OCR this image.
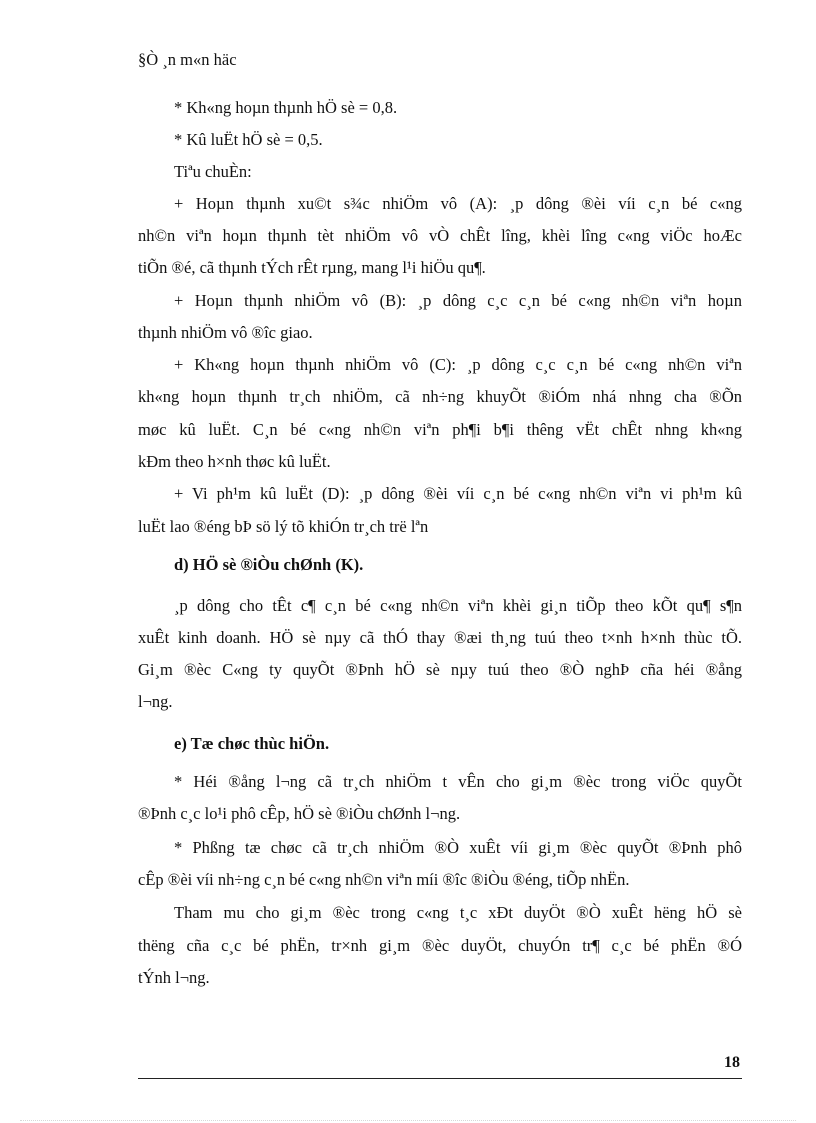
§Ò ¸n m«n häc
* Kh«ng hoµn thµnh hÖ sè = 0,8.
* Kû luËt hÖ sè = 0,5.
Tiªu chuÈn:
+ Hoµn thµnh xu©t s¾c nhiÖm vô (A): ¸p dông ®èi víi c¸n bé c«ng
nh©n viªn hoµn thµnh tèt nhiÖm vô vÒ chÊt lîng, khèi lîng c«ng viÖc hoÆc
tiÕn ®é, cã thµnh tÝch rÊt rµng, mang l¹i hiÖu qu¶.
+ Hoµn thµnh nhiÖm vô (B): ¸p dông c¸c c¸n bé c«ng nh©n viªn hoµn
thµnh nhiÖm vô ®îc giao.
+ Kh«ng hoµn thµnh nhiÖm vô (C): ¸p dông c¸c c¸n bé c«ng nh©n viªn
kh«ng hoµn thµnh tr¸ch nhiÖm, cã nh÷ng khuyÕt ®iÓm nhá nhng cha ®Õn
møc kû luËt. C¸n bé c«ng nh©n viªn ph¶i b¶i thêng vËt chÊt nhng kh«ng
kÐm theo h×nh thøc kû luËt.
+ Vi ph¹m kû luËt (D): ¸p dông ®èi víi c¸n bé c«ng nh©n viªn vi ph¹m kû
luËt lao ®éng bÞ sö lý tõ khiÓn tr¸ch trë lªn
d) HÖ sè ®iÒu chØnh (K).
¸p dông cho tÊt c¶ c¸n bé c«ng nh©n viªn khèi gi¸n tiÕp theo kÕt qu¶ s¶n
xuÊt kinh doanh. HÖ sè nµy cã thÓ thay ®æi th¸ng tuú theo t×nh h×nh thùc tÕ.
Gi¸m ®èc C«ng ty quyÕt ®Þnh hÖ sè nµy tuú theo ®Ò nghÞ cña héi ®ång
l¬ng.
e) Tæ chøc thùc hiÖn.
* Héi ®ång l¬ng cã tr¸ch nhiÖm t vÊn cho gi¸m ®èc trong viÖc quyÕt
®Þnh c¸c lo¹i phô cÊp, hÖ sè ®iÒu chØnh l¬ng.
* Phßng tæ chøc cã tr¸ch nhiÖm ®Ò xuÊt víi gi¸m ®èc quyÕt ®Þnh phô
cÊp ®èi víi nh÷ng c¸n bé c«ng nh©n viªn míi ®îc ®iÒu ®éng, tiÕp nhËn.
Tham mu cho gi¸m ®èc trong c«ng t¸c xÐt duyÖt ®Ò xuÊt hëng hÖ sè
thëng cña c¸c bé phËn, tr×nh gi¸m ®èc duyÖt, chuyÓn tr¶ c¸c bé phËn ®Ó
tÝnh l¬ng.
18
